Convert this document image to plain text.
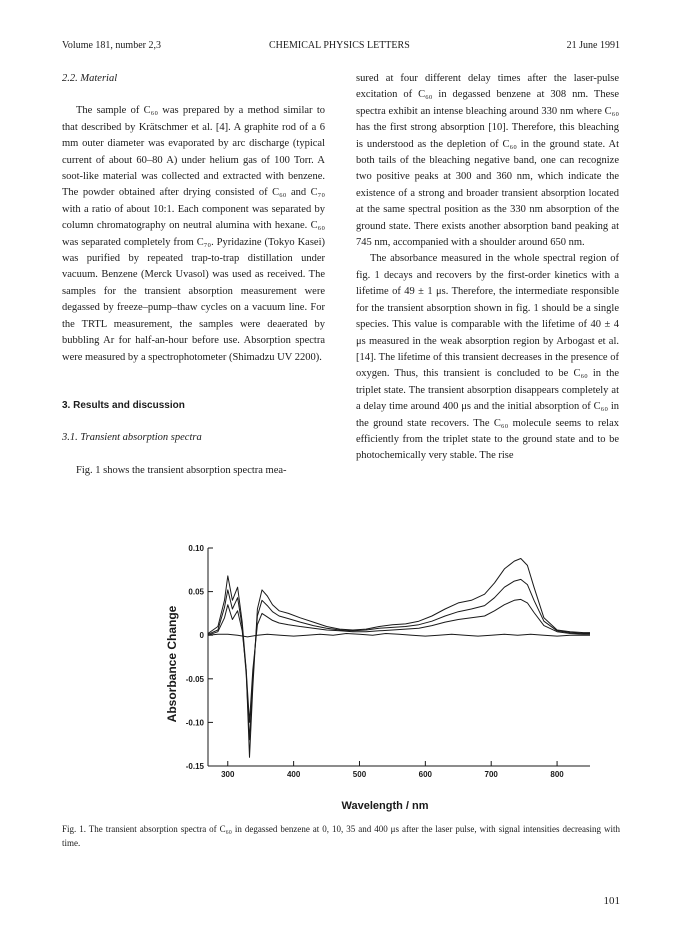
Volume 181, number 2,3	CHEMICAL PHYSICS LETTERS	21 June 1991

2.2. Material

The sample of C₆₀ was prepared by a method similar to that described by Krätschmer et al. [4]. A graphite rod of a 6 mm outer diameter was evaporated by arc discharge (typical current of about 60–80 A) under helium gas of 100 Torr. A soot-like material was collected and extracted with benzene. The powder obtained after drying consisted of C₆₀ and C₇₀ with a ratio of about 10:1. Each component was separated by column chromatography on neutral alumina with hexane. C₆₀ was separated completely from C₇₀. Pyridazine (Tokyo Kasei) was purified by repeated trap-to-trap distillation under vacuum. Benzene (Merck Uvasol) was used as received. The samples for the transient absorption measurement were degassed by freeze–pump–thaw cycles on a vacuum line. For the TRTL measurement, the samples were deaerated by bubbling Ar for half-an-hour before use. Absorption spectra were measured by a spectrophotometer (Shimadzu UV 2200).

3. Results and discussion

3.1. Transient absorption spectra

Fig. 1 shows the transient absorption spectra mea-

sured at four different delay times after the laser-pulse excitation of C₆₀ in degassed benzene at 308 nm. These spectra exhibit an intense bleaching around 330 nm where C₆₀ has the first strong absorption [10]. Therefore, this bleaching is understood as the depletion of C₆₀ in the ground state. At both tails of the bleaching negative band, one can recognize two positive peaks at 300 and 360 nm, which indicate the existence of a strong and broader transient absorption located at the same spectral position as the 330 nm absorption of the ground state. There exists another absorption band peaking at 745 nm, accompanied with a shoulder around 650 nm.

The absorbance measured in the whole spectral region of fig. 1 decays and recovers by the first-order kinetics with a lifetime of 49 ± 1 μs. Therefore, the intermediate responsible for the transient absorption shown in fig. 1 should be a single species. This value is comparable with the lifetime of 40 ± 4 μs measured in the weak absorption region by Arbogast et al. [14]. The lifetime of this transient decreases in the presence of oxygen. Thus, this transient is concluded to be C₆₀ in the triplet state. The transient absorption disappears completely at a delay time around 400 μs and the initial absorption of C₆₀ in the ground state recovers. The C₆₀ molecule seems to relax efficiently from the triplet state to the ground state and to be photochemically very stable. The rise

0.10
0.05
0
-0.05
-0.10
-0.15
300	400	500	600	700	800
Absorbance Change
Wavelength / nm
Fig. 1. The transient absorption spectra of C₆₀ in degassed benzene at 0, 10, 35 and 400 μs after the laser pulse, with signal intensities decreasing with time.
101
